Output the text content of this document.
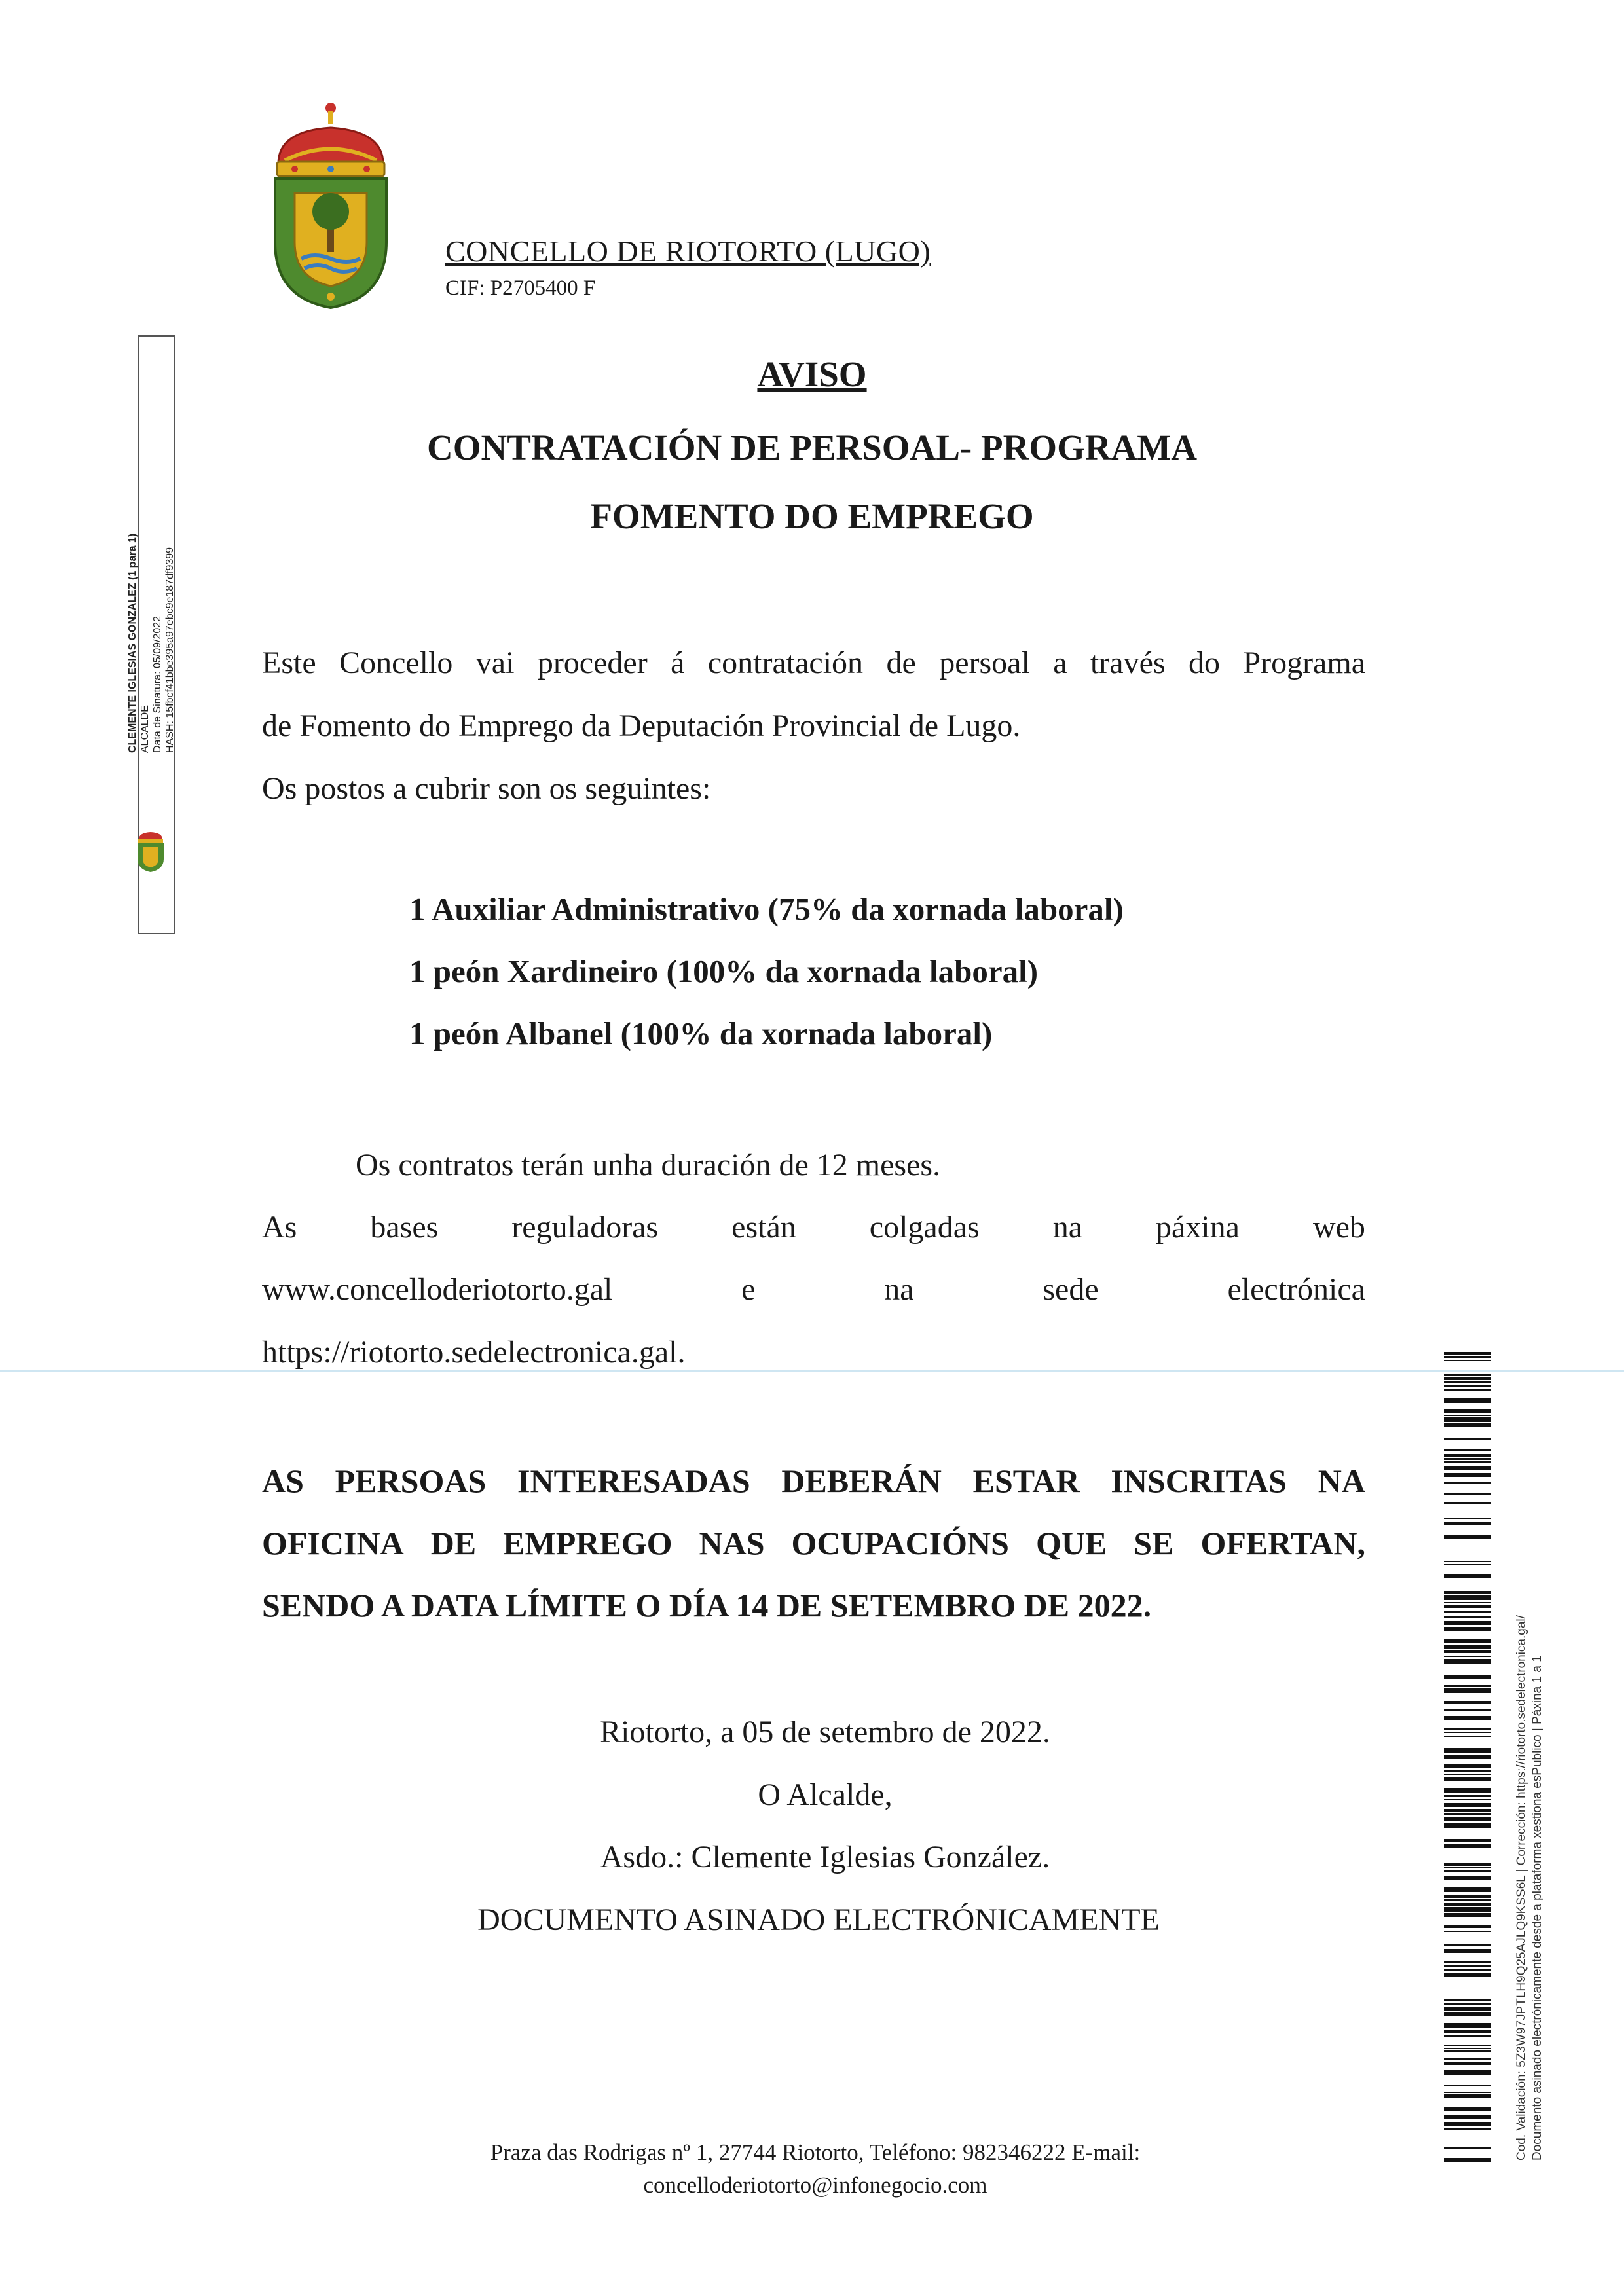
CONCELLO DE RIOTORTO (LUGO)
CIF: P2705400 F
AVISO
CONTRATACIÓN DE PERSOAL- PROGRAMA
FOMENTO DO EMPREGO
Este Concello vai proceder á contratación de persoal a través do Programa
de Fomento do Emprego da Deputación Provincial de Lugo.
Os postos a cubrir son os seguintes:
1 Auxiliar Administrativo (75% da xornada laboral)
1 peón Xardineiro (100% da xornada laboral)
1 peón Albanel (100% da xornada laboral)
Os contratos terán unha duración de 12 meses.
As bases reguladoras están colgadas na páxina web
www.concelloderiotorto.gal	e	na	sede	electrónica
https://riotorto.sedelectronica.gal.
AS PERSOAS INTERESADAS DEBERÁN ESTAR INSCRITAS NA
OFICINA DE EMPREGO NAS OCUPACIÓNS QUE SE OFERTAN,
SENDO A DATA LÍMITE O DÍA 14 DE SETEMBRO DE 2022.
Riotorto, a 05 de setembro de 2022.
O Alcalde,
Asdo.: Clemente Iglesias González.
DOCUMENTO ASINADO ELECTRÓNICAMENTE
Praza das Rodrigas nº 1, 27744 Riotorto, Teléfono: 982346222 E-mail:
concelloderiotorto@infonegocio.com
CLEMENTE IGLESIAS GONZALEZ (1 para 1) ALCALDE Data de Sinatura: 05/09/2022 HASH: 15fbcf41bbe395a97ebc9e187df9399
Cod. Validación: 5Z3W97JPTLH9Q25AJLQ9KSS6L | Corrección: https://riotorto.sedelectronica.gal/ Documento asinado electrónicamente desde a plataforma xestiona esPublico | Páxina 1 a 1
